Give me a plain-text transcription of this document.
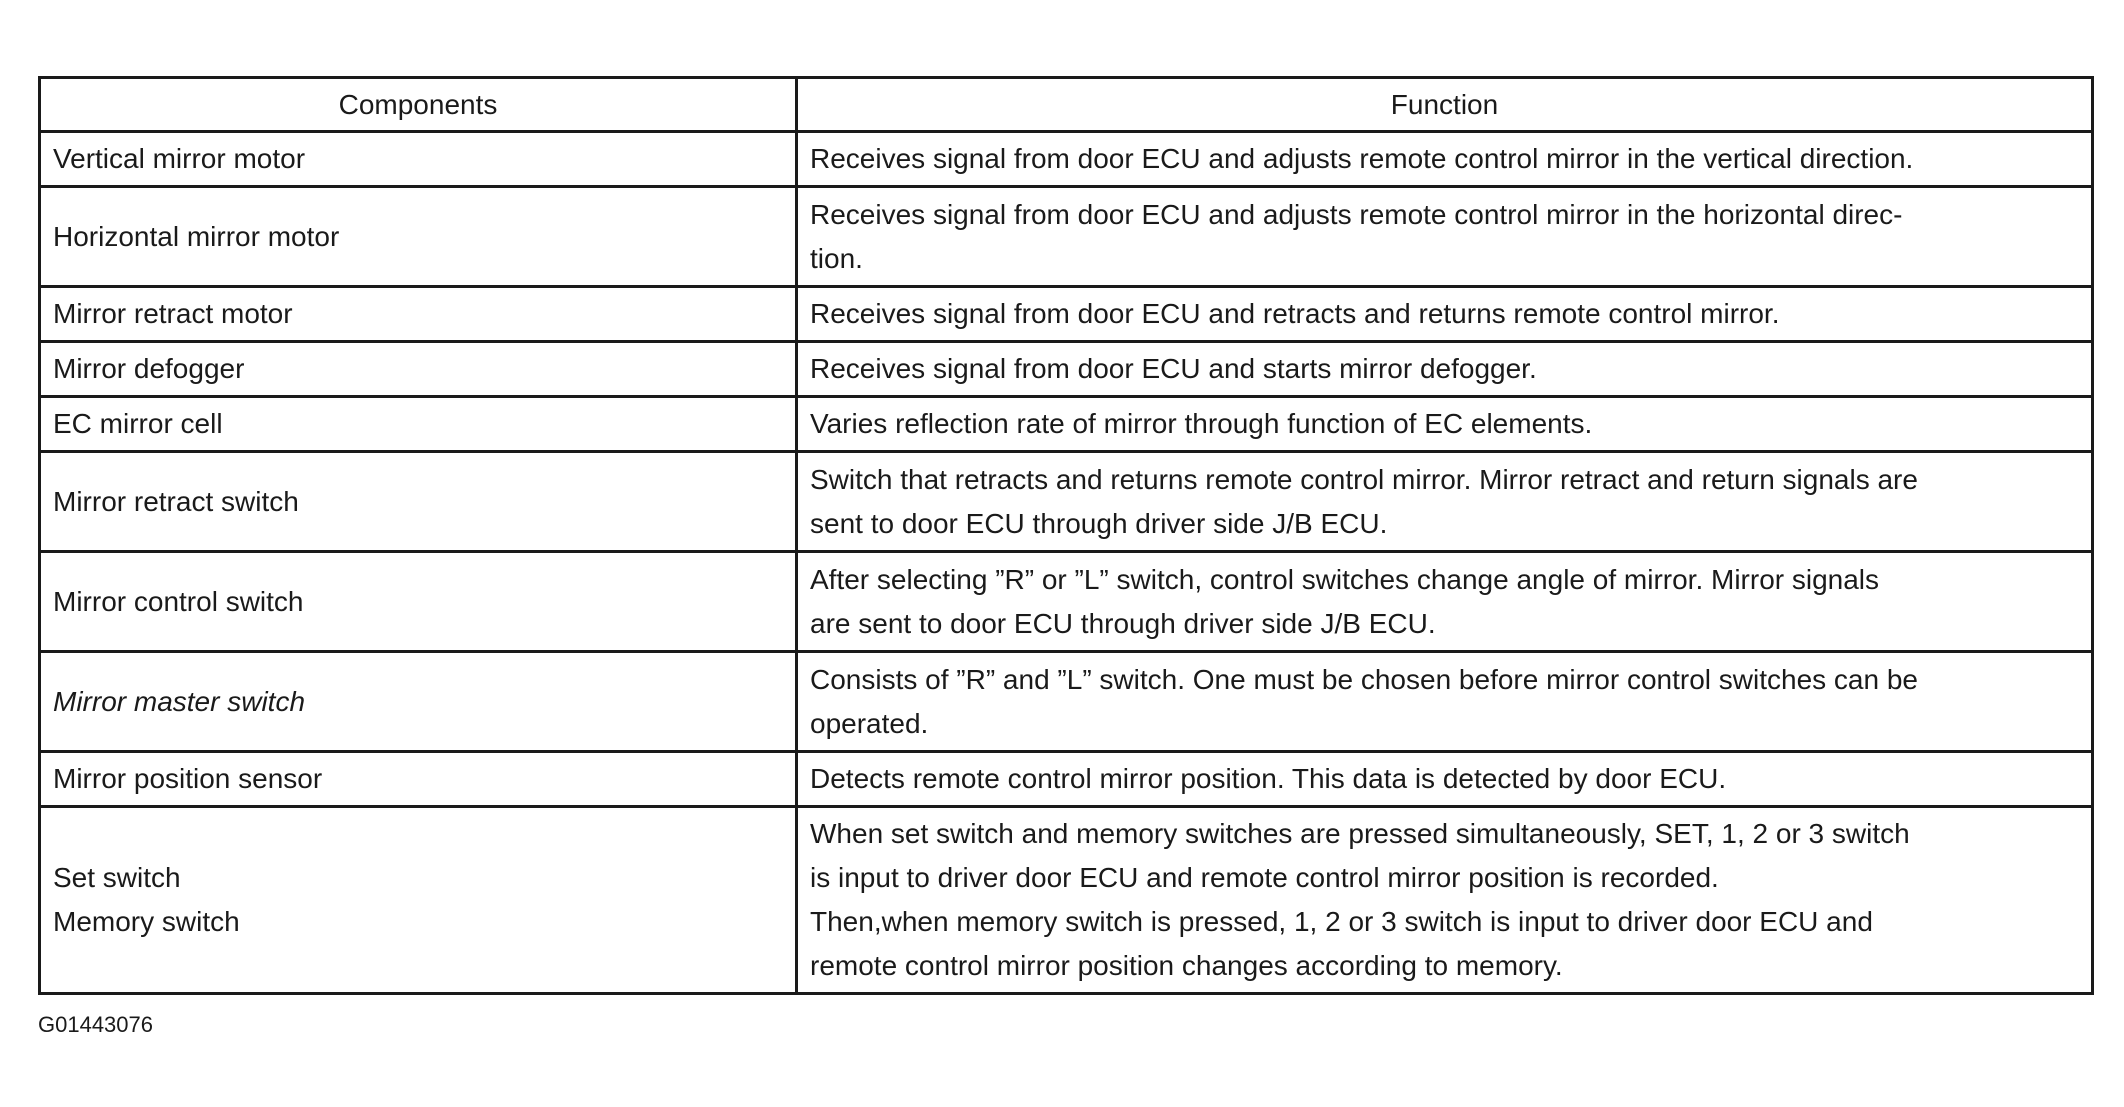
Components	Function

Vertical mirror motor	Receives signal from door ECU and adjusts remote control mirror in the vertical direction.

Horizontal mirror motor	Receives signal from door ECU and adjusts remote control mirror in the horizontal direc-
tion.

Mirror retract motor	Receives signal from door ECU and retracts and returns remote control mirror.

Mirror defogger	Receives signal from door ECU and starts mirror defogger.

EC mirror cell	Varies reflection rate of mirror through function of EC elements.

Mirror retract switch	Switch that retracts and returns remote control mirror. Mirror retract and return signals are
sent to door ECU through driver side J/B ECU.

Mirror control switch	After selecting ”R” or ”L” switch, control switches change angle of mirror. Mirror signals
are sent to door ECU through driver side J/B ECU.

Mirror master switch	Consists of ”R” and ”L” switch. One must be chosen before mirror control switches can be
operated.

Mirror position sensor	Detects remote control mirror position. This data is detected by door ECU.

Set switch
Memory switch	When set switch and memory switches are pressed simultaneously, SET, 1, 2 or 3 switch
is input to driver door ECU and remote control mirror position is recorded.
Then,when memory switch is pressed, 1, 2 or 3 switch is input to driver door ECU and
remote control mirror position changes according to memory.
G01443076
